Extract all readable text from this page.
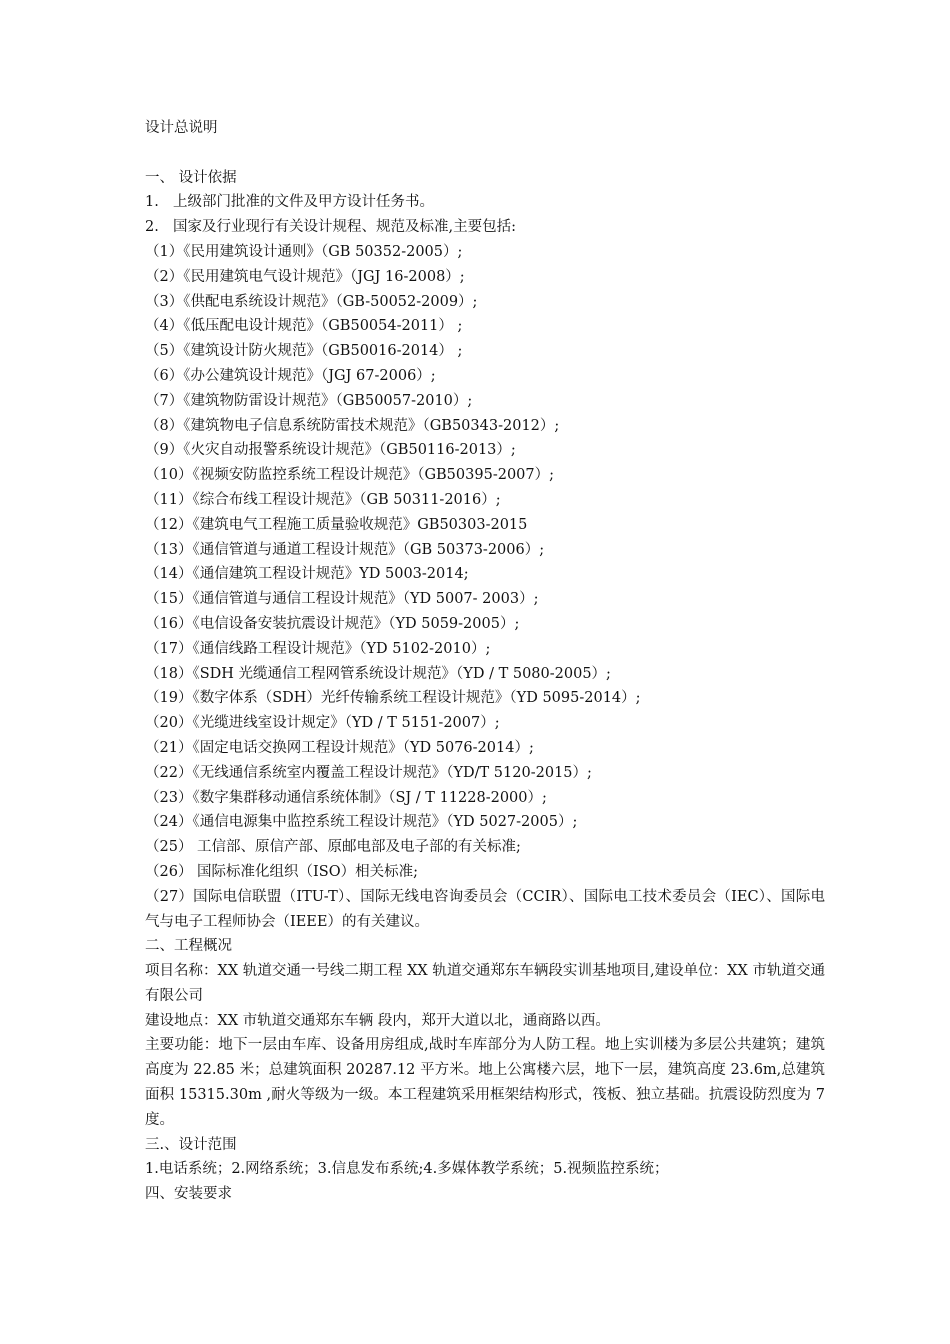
设计总说明
一、 设计依据
1. 上级部门批准的文件及甲方设计任务书。
2. 国家及行业现行有关设计规程、规范及标准,主要包括:
（1）《民用建筑设计通则》（GB 50352-2005）;
（2）《民用建筑电气设计规范》（JGJ 16-2008）;
（3）《供配电系统设计规范》（GB-50052-2009）;
（4）《低压配电设计规范》（GB50054-2011） ;
（5）《建筑设计防火规范》（GB50016-2014） ;
（6）《办公建筑设计规范》（JGJ 67-2006）;
（7）《建筑物防雷设计规范》（GB50057-2010）;
（8）《建筑物电子信息系统防雷技术规范》（GB50343-2012）;
（9）《火灾自动报警系统设计规范》（GB50116-2013）;
（10）《视频安防监控系统工程设计规范》（GB50395-2007）;
（11）《综合布线工程设计规范》（GB 50311-2016）;
（12）《建筑电气工程施工质量验收规范》GB50303-2015
（13）《通信管道与通道工程设计规范》（GB 50373-2006）;
（14）《通信建筑工程设计规范》YD 5003-2014;
（15）《通信管道与通信工程设计规范》（YD 5007- 2003）;
（16）《电信设备安装抗震设计规范》（YD 5059-2005）;
（17）《通信线路工程设计规范》（YD 5102-2010）;
（18）《SDH 光缆通信工程网管系统设计规范》（YD / T 5080-2005）;
（19）《数字体系（SDH）光纤传输系统工程设计规范》（YD 5095-2014）;
（20）《光缆进线室设计规定》（YD / T 5151-2007）;
（21）《固定电话交换网工程设计规范》（YD 5076-2014）;
（22）《无线通信系统室内覆盖工程设计规范》（YD/T 5120-2015）;
（23）《数字集群移动通信系统体制》（SJ / T 11228-2000）;
（24）《通信电源集中监控系统工程设计规范》（YD 5027-2005）;
（25） 工信部、原信产部、原邮电部及电子部的有关标准;
（26） 国际标准化组织（ISO）相关标准;
（27）国际电信联盟（ITU-T）、国际无线电咨询委员会（CCIR）、国际电工技术委员会（IEC）、国际电气与电子工程师协会（IEEE）的有关建议。
二、工程概况
项目名称：XX 轨道交通一号线二期工程 XX 轨道交通郑东车辆段实训基地项目,建设单位：XX 市轨道交通有限公司
建设地点：XX 市轨道交通郑东车辆 段内，郑开大道以北，通商路以西。
主要功能：地下一层由车库、设备用房组成,战时车库部分为人防工程。地上实训楼为多层公共建筑；建筑高度为 22.85 米；总建筑面积 20287.12 平方米。地上公寓楼六层，地下一层，建筑高度 23.6m,总建筑面积 15315.30m ,耐火等级为一级。本工程建筑采用框架结构形式，筏板、独立基础。抗震设防烈度为 7 度。
三.、设计范围
1.电话系统；2.网络系统；3.信息发布系统;4.多媒体教学系统；5.视频监控系统；
四、安装要求
